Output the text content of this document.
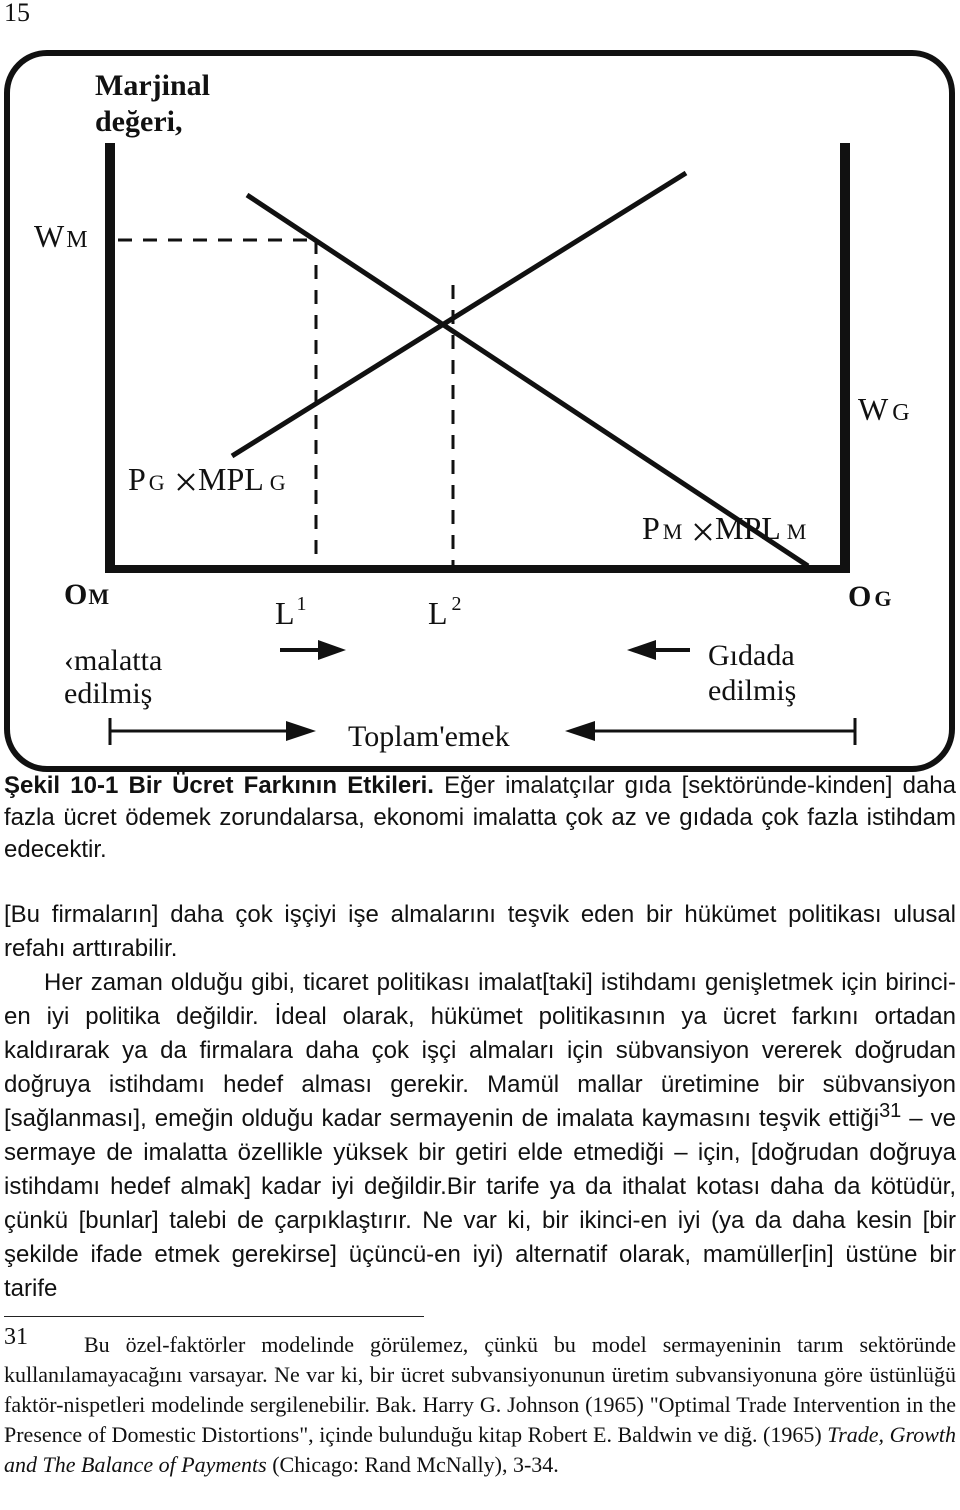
15
Marjinal
değeri,
WM
W G
P G MPL G
P M MPL M
OM	O G
L $^1$	L $^2$
‹malatta
edilmiş
Gıdada
edilmiş
Toplam'emek

Şekil 10-1 Bir Ücret Farkının Etkileri. Eğer imalatçılar gıda [sektöründe-kinden] daha fazla ücret ödemek zorundalarsa, ekonomi imalatta çok az ve gıdada çok fazla istihdam edecektir.

[Bu firmaların] daha çok işçiyi işe almalarını teşvik eden bir hükümet politikası ulusal refahı arttırabilir.

Her zaman olduğu gibi, ticaret politikası imalat[taki] istihdamı genişletmek için birinci-en iyi politika değildir. İdeal olarak, hükümet politikasının ya ücret farkını ortadan kaldırarak ya da firmalara daha çok işçi almaları için sübvansiyon vererek doğrudan doğruya istihdamı hedef alması gerekir. Mamül mallar üretimine bir sübvansiyon [sağlanması], emeğin olduğu kadar sermayenin de imalata kaymasını teşvik ettiği$^{31}$ – ve sermaye de imalatta özellikle yüksek bir getiri elde etmediği – için, [doğrudan doğruya istihdamı hedef almak] kadar iyi değildir.Bir tarife ya da ithalat kotası daha da kötüdür, çünkü [bunlar] talebi de çarpıklaştırır. Ne var ki, bir ikinci-en iyi (ya da daha kesin [bir şekilde ifade etmek gerekirse] üçüncü-en iyi) alternatif olarak, mamüller[in] üstüne bir tarife

31	Bu özel-faktörler modelinde görülemez, çünkü bu model sermayeninin tarım sektöründe kullanılamayacağını varsayar. Ne var ki, bir ücret subvansiyonunun üretim subvansiyonuna göre üstünlüğü faktör-nispetleri modelinde sergilenebilir. Bak. Harry G. Johnson (1965) "Optimal Trade Intervention in the Presence of Domestic Distortions", içinde bulunduğu kitap Robert E. Baldwin ve diğ. (1965) Trade, Growth and The Balance of Payments (Chicago: Rand McNally), 3-34.
